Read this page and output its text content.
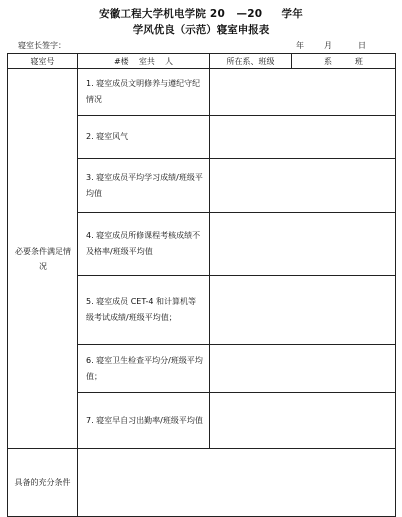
安徽工程大学机电学院 20   —20     学年
学风优良（示范）寝室申报表
寝室长签字：	年	月	日
寝室号	#楼    室共    人	所在系、班级	系         班

必要条件满足情况	1. 寝室成员文明修养与遵纪守纪情况		
	2. 寝室风气		
	3. 寝室成员平均学习成绩/班级平均值		
	4. 寝室成员所修课程考核成绩不及格率/班级平均值		
	5. 寝室成员 CET-4 和计算机等级考试成绩/班级平均值；		
	6. 寝室卫生检查平均分/班级平均值；		
	7. 寝室早自习出勤率/班级平均值		

具备的充分条件			
